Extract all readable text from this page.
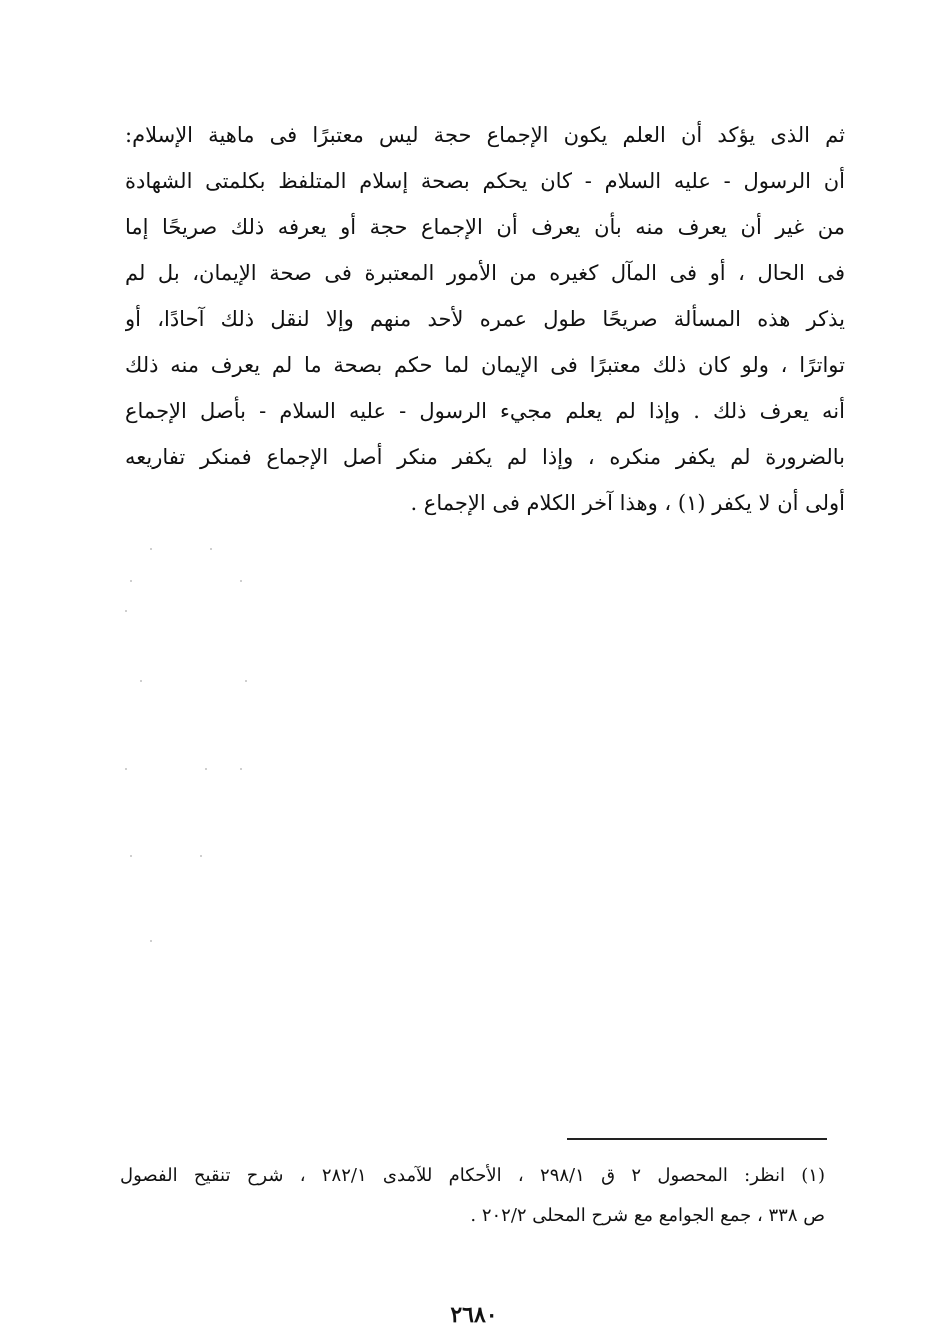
ثم الذى يؤكد أن العلم يكون الإجماع حجة ليس معتبرًا فى ماهية الإسلام:
أن الرسول - عليه السلام - كان يحكم بصحة إسلام المتلفظ بكلمتى الشهادة
من غير أن يعرف منه بأن يعرف أن الإجماع حجة أو يعرفه ذلك صريحًا إما
فى الحال ، أو فى المآل كغيره من الأمور المعتبرة فى صحة الإيمان، بل لم
يذكر هذه المسألة صريحًا طول عمره لأحد منهم وإلا لنقل ذلك آحادًا، أو
تواترًا ، ولو كان ذلك معتبرًا فى الإيمان لما حكم بصحة ما لم يعرف منه ذلك
أنه يعرف ذلك . وإذا لم يعلم مجيء الرسول - عليه السلام - بأصل الإجماع
بالضرورة لم يكفر منكره ، وإذا لم يكفر منكر أصل الإجماع فمنكر تفاريعه
أولى أن لا يكفر (١) ، وهذا آخر الكلام فى الإجماع .
(١) انظر: المحصول ٢ ق ٢٩٨/١ ، الأحكام للآمدى ٢٨٢/١ ، شرح تنقيح الفصول
ص ٣٣٨ ، جمع الجوامع مع شرح المحلى ٢٠٢/٢ .
٢٦٨٠
